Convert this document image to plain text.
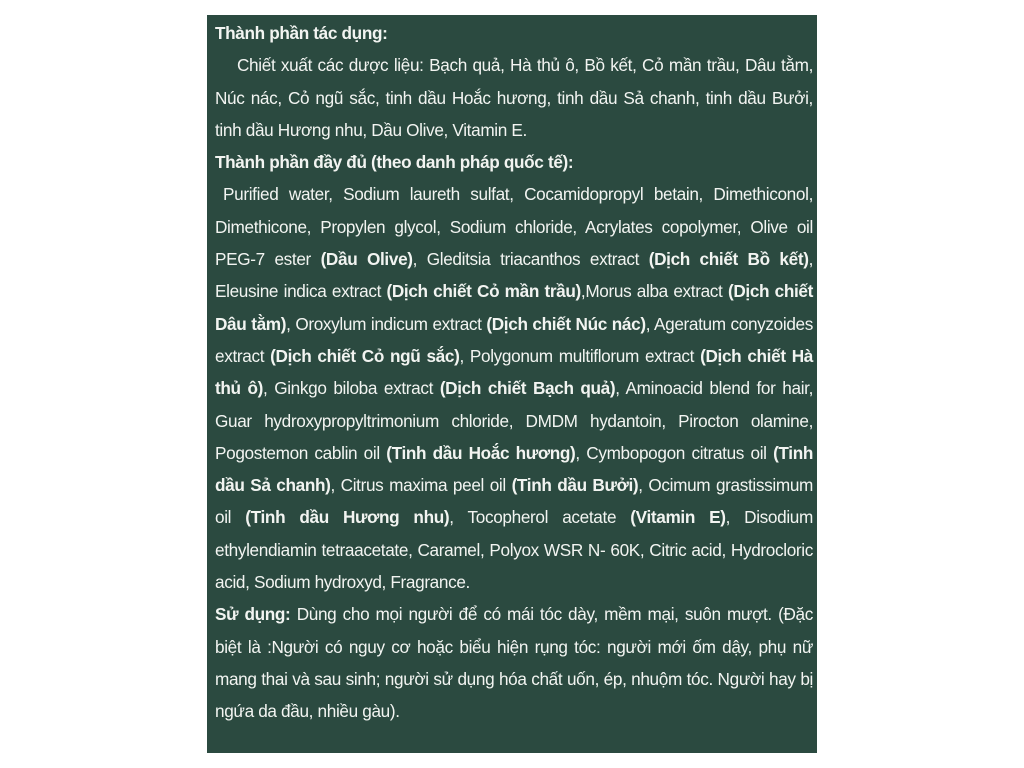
Thành phần tác dụng:

Chiết xuất các dược liệu: Bạch quả, Hà thủ ô, Bồ kết, Cỏ mần trầu, Dâu tằm, Núc nác, Cỏ ngũ sắc, tinh dầu Hoắc hương, tinh dầu Sả chanh, tinh dầu Bưởi, tinh dầu Hương nhu, Dầu Olive, Vitamin E.

Thành phần đầy đủ (theo danh pháp quốc tế):

Purified water, Sodium laureth sulfat, Cocamidopropyl betain, Dimethiconol, Dimethicone, Propylen glycol, Sodium chloride, Acrylates copolymer, Olive oil PEG-7 ester (Dầu Olive), Gleditsia triacanthos extract (Dịch chiết Bồ kết), Eleusine indica extract (Dịch chiết Cỏ mần trầu),Morus alba extract (Dịch chiết Dâu tằm), Oroxylum indicum extract (Dịch chiết Núc nác), Ageratum conyzoides extract (Dịch chiết Cỏ ngũ sắc), Polygonum multiflorum extract (Dịch chiết Hà thủ ô), Ginkgo biloba extract (Dịch chiết Bạch quả), Aminoacid blend for hair, Guar hydroxypropyltrimonium chloride, DMDM hydantoin, Pirocton olamine, Pogostemon cablin oil (Tinh dầu Hoắc hương), Cymbopogon citratus oil (Tinh dầu Sả chanh), Citrus maxima peel oil (Tinh dầu Bưởi), Ocimum grastissimum oil (Tinh dầu Hương nhu), Tocopherol acetate (Vitamin E), Disodium ethylendiamin tetraacetate, Caramel, Polyox WSR N- 60K, Citric acid, Hydrocloric acid, Sodium hydroxyd, Fragrance.

Sử dụng: Dùng cho mọi người để có mái tóc dày, mềm mại, suôn mượt. (Đặc biệt là :Người có nguy cơ hoặc biểu hiện rụng tóc: người mới ốm dậy, phụ nữ mang thai và sau sinh; người sử dụng hóa chất uốn, ép, nhuộm tóc. Người hay bị ngứa da đầu, nhiều gàu).
